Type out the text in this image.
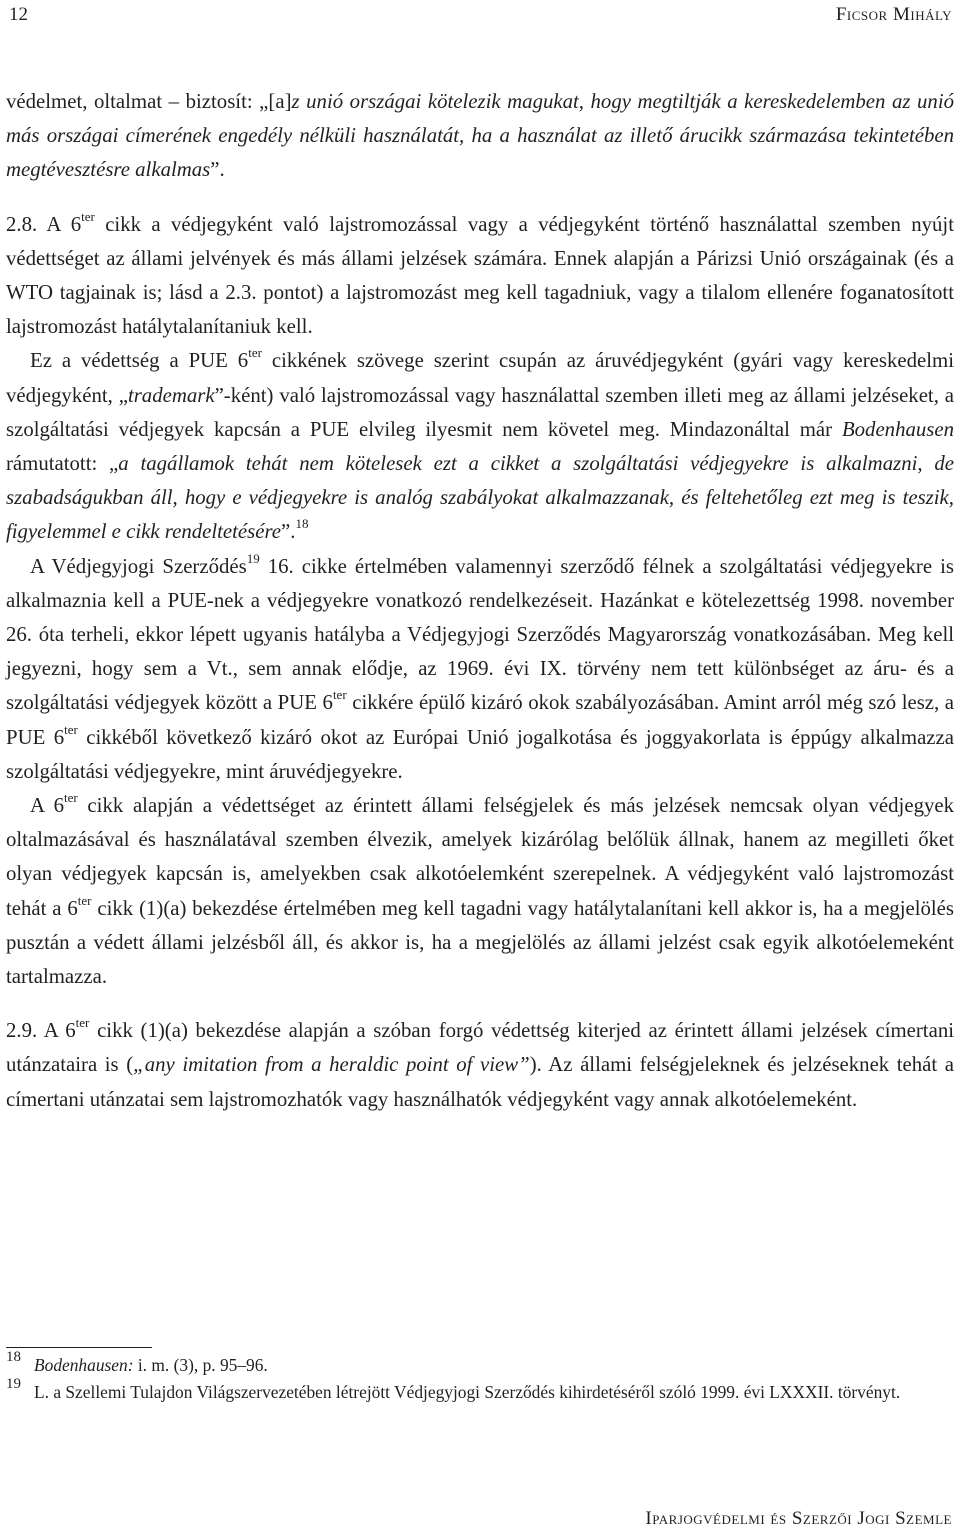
12	Ficsor Mihály

védelmet, oltalmat – biztosít: „[a]z unió országai kötelezik magukat, hogy megtiltják a kereskedelemben az unió más országai címerének engedély nélküli használatát, ha a használat az illető árucikk származása tekintetében megtévesztésre alkalmas”.

2.8. A $6^{ter}$ cikk a védjegyként való lajstromozással vagy a védjegyként történő használattal szemben nyújt védettséget az állami jelvények és más állami jelzések számára. Ennek alapján a Párizsi Unió országainak (és a WTO tagjainak is; lásd a 2.3. pontot) a lajstromozást meg kell tagadniuk, vagy a tilalom ellenére foganatosított lajstromozást hatálytalanítaniuk kell.

Ez a védettség a PUE $6^{ter}$ cikkének szövege szerint csupán az áruvédjegyként (gyári vagy kereskedelmi védjegyként, „trademark”-ként) való lajstromozással vagy használattal szemben illeti meg az állami jelzéseket, a szolgáltatási védjegyek kapcsán a PUE elvileg ilyesmit nem követel meg. Mindazonáltal már Bodenhausen rámutatott: „a tagállamok tehát nem kötelesek ezt a cikket a szolgáltatási védjegyekre is alkalmazni, de szabadságukban áll, hogy e védjegyekre is analóg szabályokat alkalmazzanak, és feltehetőleg ezt meg is teszik, figyelemmel e cikk rendeltetésére”.$^{18}$

A Védjegyjogi Szerződés$^{19}$ 16. cikke értelmében valamennyi szerződő félnek a szolgáltatási védjegyekre is alkalmaznia kell a PUE-nek a védjegyekre vonatkozó rendelkezéseit. Hazánkat e kötelezettség 1998. november 26. óta terheli, ekkor lépett ugyanis hatályba a Védjegyjogi Szerződés Magyarország vonatkozásában. Meg kell jegyezni, hogy sem a Vt., sem annak elődje, az 1969. évi IX. törvény nem tett különbséget az áru- és a szolgáltatási védjegyek között a PUE $6^{ter}$ cikkére épülő kizáró okok szabályozásában. Amint arról még szó lesz, a PUE $6^{ter}$ cikkéből következő kizáró okot az Európai Unió jogalkotása és joggyakorlata is éppúgy alkalmazza szolgáltatási védjegyekre, mint áruvédjegyekre.

A $6^{ter}$ cikk alapján a védettséget az érintett állami felségjelek és más jelzések nemcsak olyan védjegyek oltalmazásával és használatával szemben élvezik, amelyek kizárólag belőlük állnak, hanem az megilleti őket olyan védjegyek kapcsán is, amelyekben csak alkotóelemként szerepelnek. A védjegyként való lajstromozást tehát a $6^{ter}$ cikk (1)(a) bekezdése értelmében meg kell tagadni vagy hatálytalanítani kell akkor is, ha a megjelölés pusztán a védett állami jelzésből áll, és akkor is, ha a megjelölés az állami jelzést csak egyik alkotóelemeként tartalmazza.

2.9. A $6^{ter}$ cikk (1)(a) bekezdése alapján a szóban forgó védettség kiterjed az érintett állami jelzések címertani utánzataira is („any imitation from a heraldic point of view”). Az állami felségjeleknek és jelzéseknek tehát a címertani utánzatai sem lajstromozhatók vagy használhatók védjegyként vagy annak alkotóelemeként.

18 Bodenhausen: i. m. (3), p. 95–96.
19 L. a Szellemi Tulajdon Világszervezetében létrejött Védjegyjogi Szerződés kihirdetéséről szóló 1999. évi LXXXII. törvényt.
Iparjogvédelmi és Szerzői Jogi Szemle
